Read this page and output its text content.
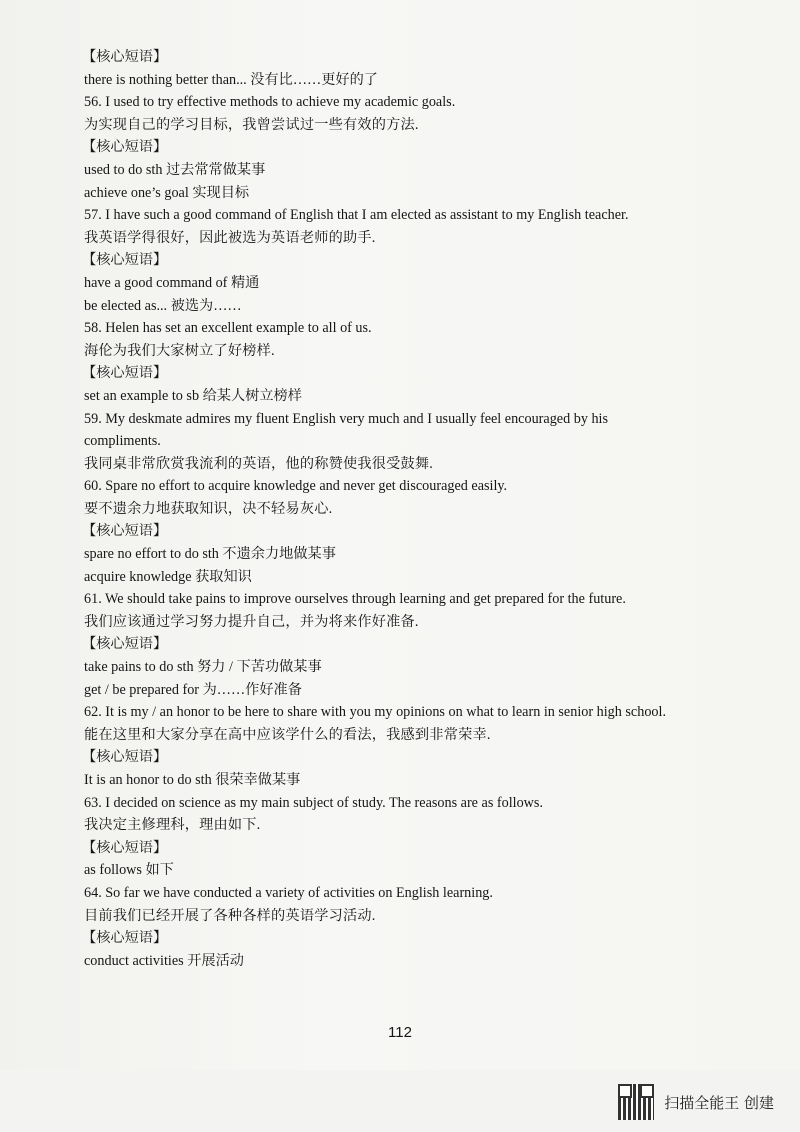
【核心短语】
there is nothing better than... 没有比……更好的了
56. I used to try effective methods to achieve my academic goals.
为实现自己的学习目标，我曾尝试过一些有效的方法.
【核心短语】
used to do sth 过去常常做某事
achieve one’s goal 实现目标
57. I have such a good command of English that I am elected as assistant to my English teacher.
我英语学得很好，因此被选为英语老师的助手.
【核心短语】
have a good command of 精通
be elected as... 被选为……
58. Helen has set an excellent example to all of us.
海伦为我们大家树立了好榜样.
【核心短语】
set an example to sb 给某人树立榜样
59. My deskmate admires my fluent English very much and I usually feel encouraged by his compliments.
我同桌非常欣赏我流利的英语，他的称赞使我很受鼓舞.
60. Spare no effort to acquire knowledge and never get discouraged easily.
要不遗余力地获取知识，决不轻易灰心.
【核心短语】
spare no effort to do sth 不遗余力地做某事
acquire knowledge 获取知识
61. We should take pains to improve ourselves through learning and get prepared for the future.
我们应该通过学习努力提升自己，并为将来作好准备.
【核心短语】
take pains to do sth 努力 / 下苦功做某事
get / be prepared for 为……作好准备
62. It is my / an honor to be here to share with you my opinions on what to learn in senior high school.
能在这里和大家分享在高中应该学什么的看法，我感到非常荣幸.
【核心短语】
It is an honor to do sth 很荣幸做某事
63. I decided on science as my main subject of study. The reasons are as follows.
我决定主修理科，理由如下.
【核心短语】
as follows 如下
64. So far we have conducted a variety of activities on English learning.
目前我们已经开展了各种各样的英语学习活动.
【核心短语】
conduct activities 开展活动
112
扫描全能王 创建
